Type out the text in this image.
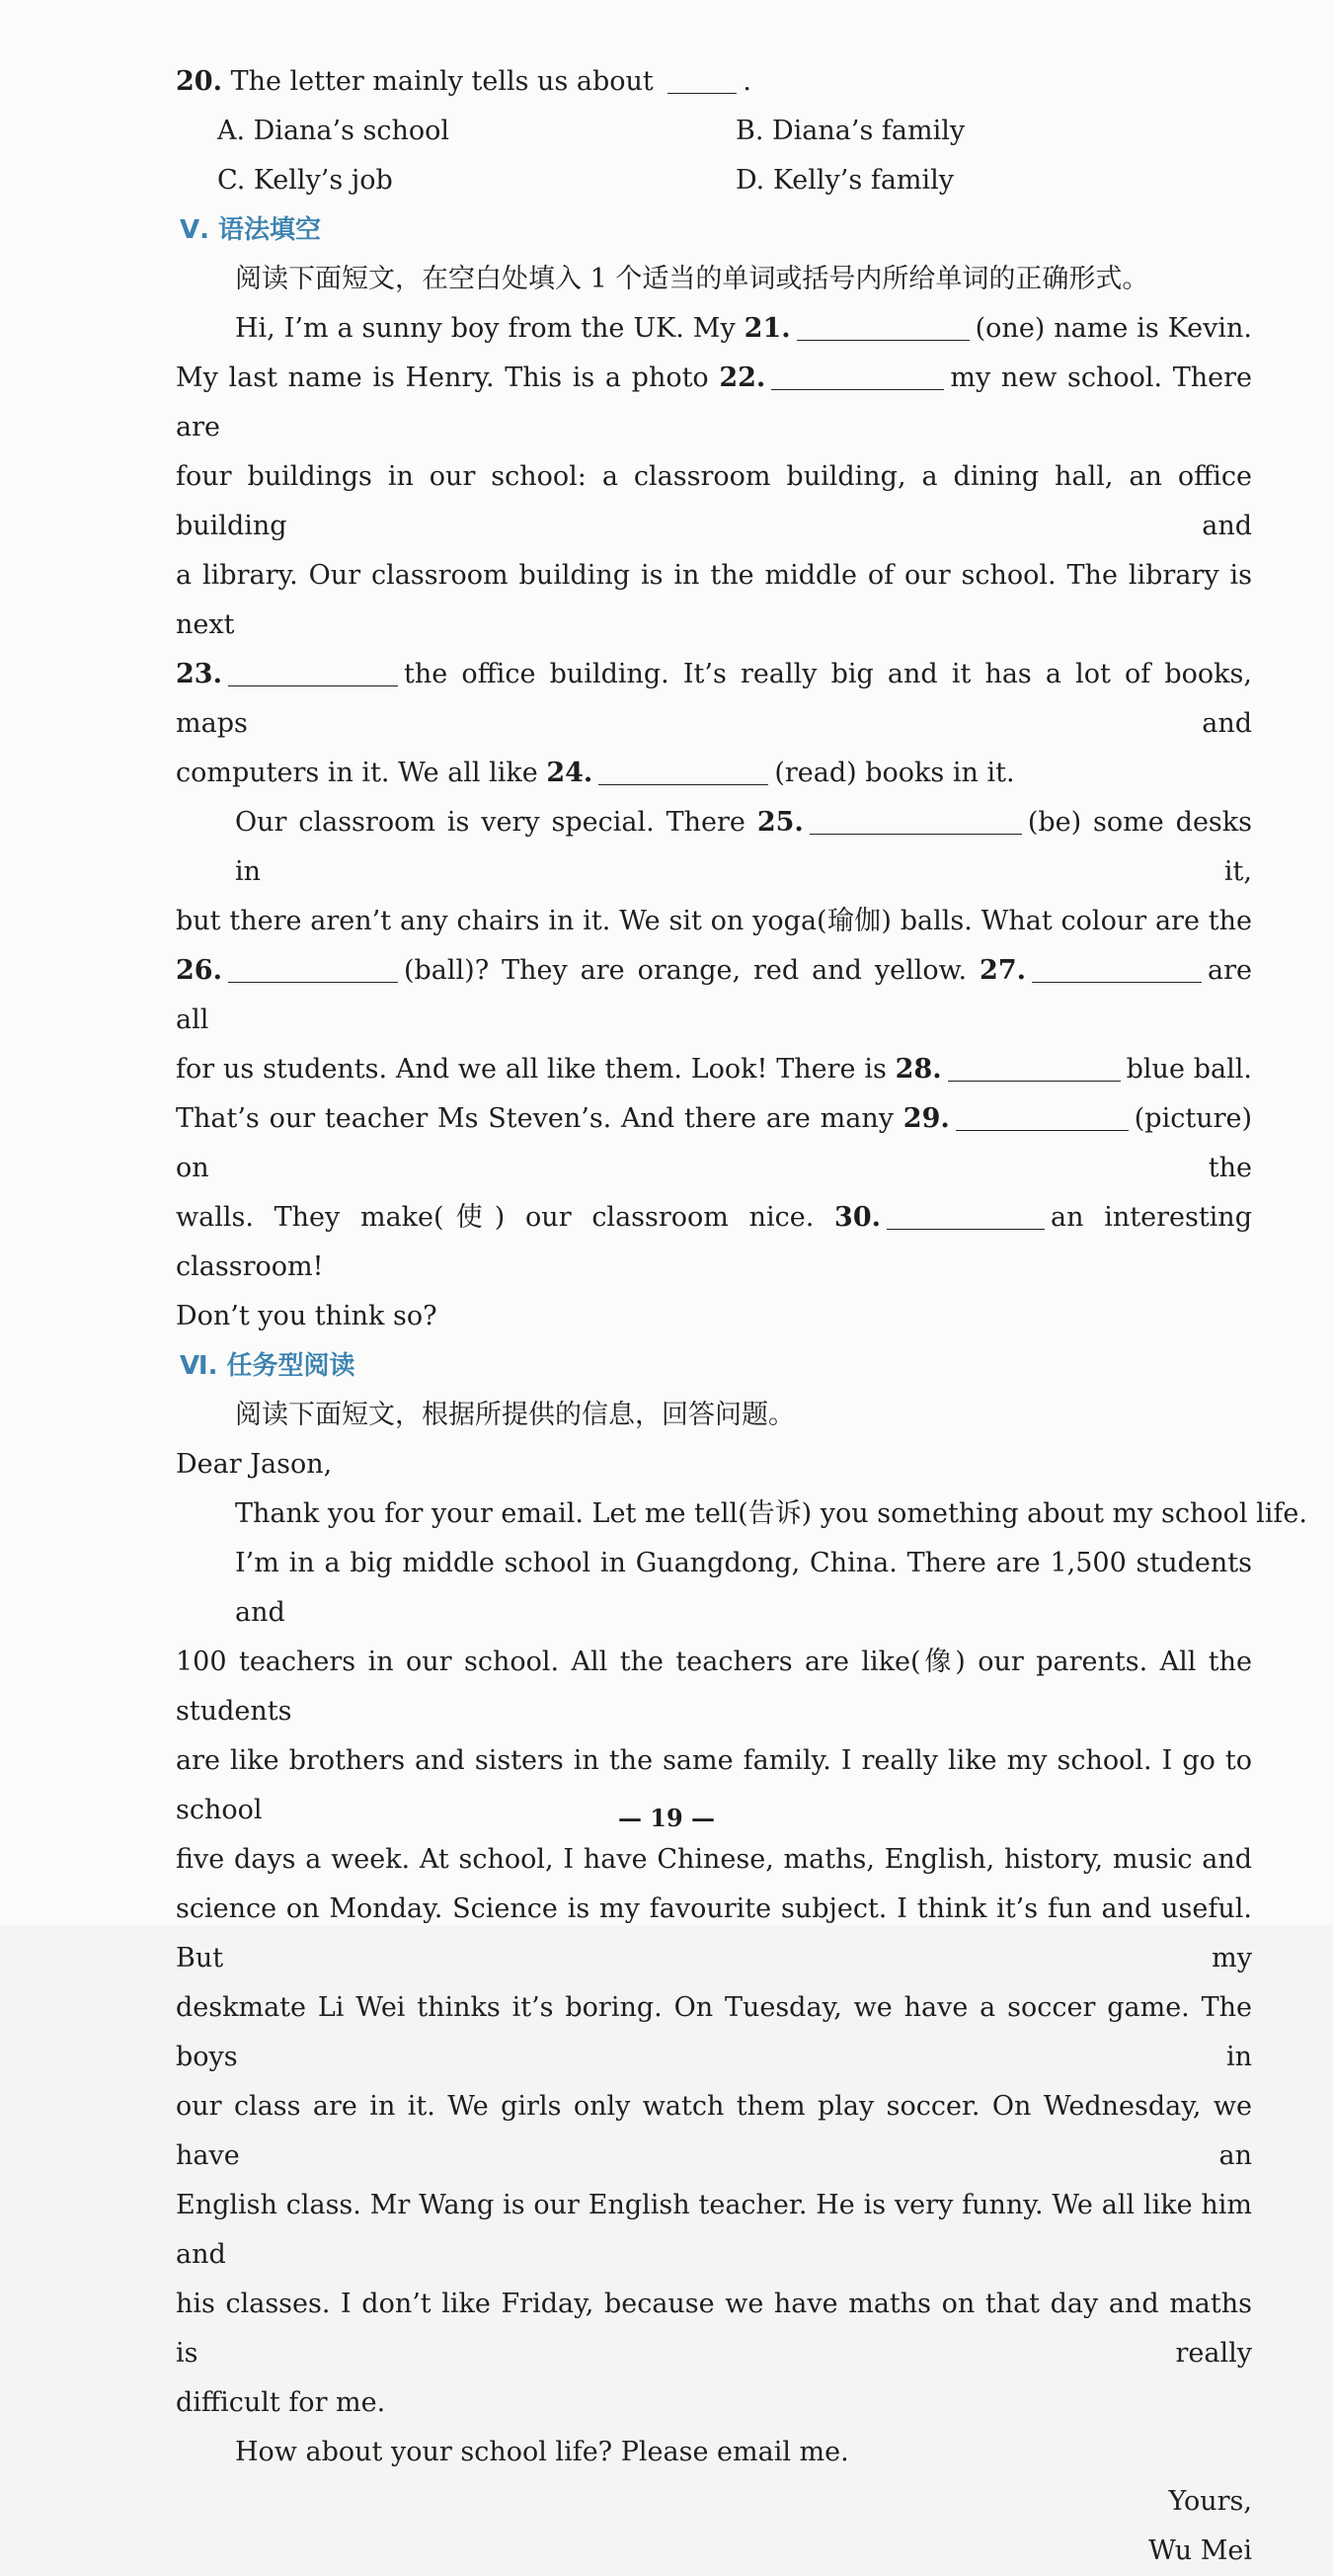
20. The letter mainly tells us about	.
A. Diana’s school	B. Diana’s family
C. Kelly’s job	D. Kelly’s family
Ⅴ. 语法填空
阅读下面短文，在空白处填入 1 个适当的单词或括号内所给单词的正确形式。
Hi, I’m a sunny boy from the UK. My 21.	(one) name is Kevin.
My last name is Henry. This is a photo 22.	my new school. There are
four buildings in our school: a classroom building, a dining hall, an office building and
a library. Our classroom building is in the middle of our school. The library is next
23.	the office building. It’s really big and it has a lot of books, maps and
computers in it. We all like 24.	(read) books in it.
Our classroom is very special. There 25.	(be) some desks in it,
but there aren’t any chairs in it. We sit on yoga(瑜伽) balls. What colour are the
26.	(ball)? They are orange, red and yellow. 27.	are all
for us students. And we all like them. Look! There is 28.	blue ball.
That’s our teacher Ms Steven’s. And there are many 29.	(picture) on the
walls. They make(使) our classroom nice. 30.	an interesting classroom!
Don’t you think so?
Ⅵ. 任务型阅读
阅读下面短文，根据所提供的信息，回答问题。
Dear Jason,
Thank you for your email. Let me tell(告诉) you something about my school life.
I’m in a big middle school in Guangdong, China. There are 1,500 students and
100 teachers in our school. All the teachers are like(像) our parents. All the students
are like brothers and sisters in the same family. I really like my school. I go to school
five days a week. At school, I have Chinese, maths, English, history, music and
science on Monday. Science is my favourite subject. I think it’s fun and useful. But my
deskmate Li Wei thinks it’s boring. On Tuesday, we have a soccer game. The boys in
our class are in it. We girls only watch them play soccer. On Wednesday, we have an
English class. Mr Wang is our English teacher. He is very funny. We all like him and
his classes. I don’t like Friday, because we have maths on that day and maths is really
difficult for me.
How about your school life? Please email me.
Yours,
Wu Mei
— 19 —
